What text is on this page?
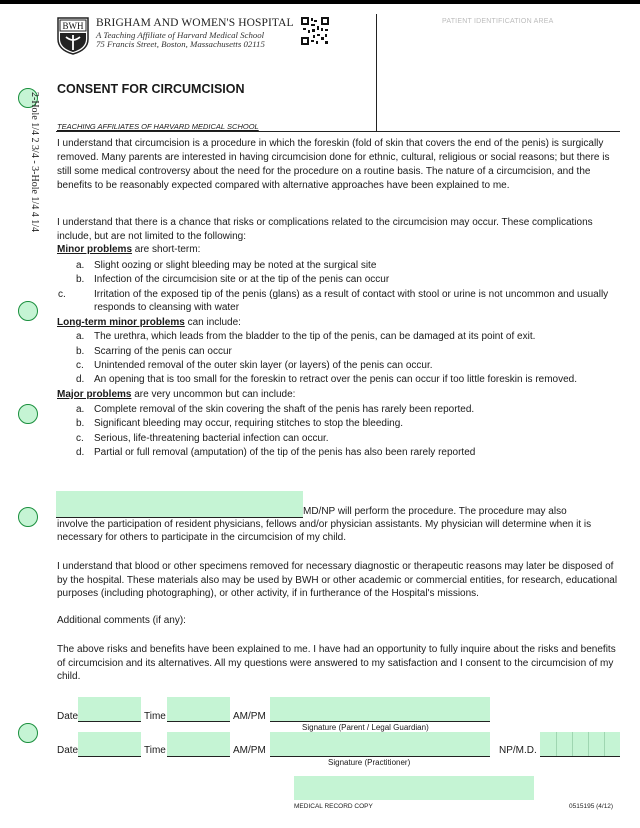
BWH BRIGHAM AND WOMEN'S HOSPITAL
A Teaching Affiliate of Harvard Medical School
75 Francis Street, Boston, Massachusetts 02115
PATIENT IDENTIFICATION AREA
2-Hole 1/4 2 3/4 - 3-Hole 1/4 4 1/4
CONSENT FOR CIRCUMCISION
TEACHING AFFILIATES OF HARVARD MEDICAL SCHOOL
I understand that circumcision is a procedure in which the foreskin (fold of skin that covers the end of the penis) is surgically removed. Many parents are interested in having circumcision done for ethnic, cultural, religious or social reasons; but there is still some medical controversy about the need for the procedure on a routine basis. The nature of a circumcision, and the benefits to be reasonably expected compared with alternative approaches have been explained to me.
I understand that there is a chance that risks or complications related to the circumcision may occur. These complications include, but are not limited to the following:
Minor problems are short-term:
a. Slight oozing or slight bleeding may be noted at the surgical site
b. Infection of the circumcision site or at the tip of the penis can occur
c.	Irritation of the exposed tip of the penis (glans) as a result of contact with stool or urine is not uncommon and usually responds to cleansing with water
Long-term minor problems can include:
a. The urethra, which leads from the bladder to the tip of the penis, can be damaged at its point of exit.
b. Scarring of the penis can occur
c. Unintended removal of the outer skin layer (or layers) of the penis can occur.
d. An opening that is too small for the foreskin to retract over the penis can occur if too little foreskin is removed.
Major problems are very uncommon but can include:
a. Complete removal of the skin covering the shaft of the penis has rarely been reported.
b. Significant bleeding may occur, requiring stitches to stop the bleeding.
c. Serious, life-threatening bacterial infection can occur.
d. Partial or full removal (amputation) of the tip of the penis has also been rarely reported
MD/NP will perform the procedure. The procedure may also
involve the participation of resident physicians, fellows and/or physician assistants. My physician will determine when it is necessary for others to participate in the circumcision of my child.
I understand that blood or other specimens removed for necessary diagnostic or therapeutic reasons may later be disposed of by the hospital. These materials also may be used by BWH or other academic or commercial entities, for research, educational purposes (including photographing), or other activity, if in furtherance of the Hospital's missions.
Additional comments (if any):
The above risks and benefits have been explained to me. I have had an opportunity to fully inquire about the risks and benefits of circumcision and its alternatives. All my questions were answered to my satisfaction and I consent to the circumcision of my child.
Date	Time	AM/PM
Signature (Parent / Legal Guardian)
Date	Time	AM/PM
Signature (Practitioner)
NP/M.D.
MEDICAL RECORD COPY	0515195 (4/12)
